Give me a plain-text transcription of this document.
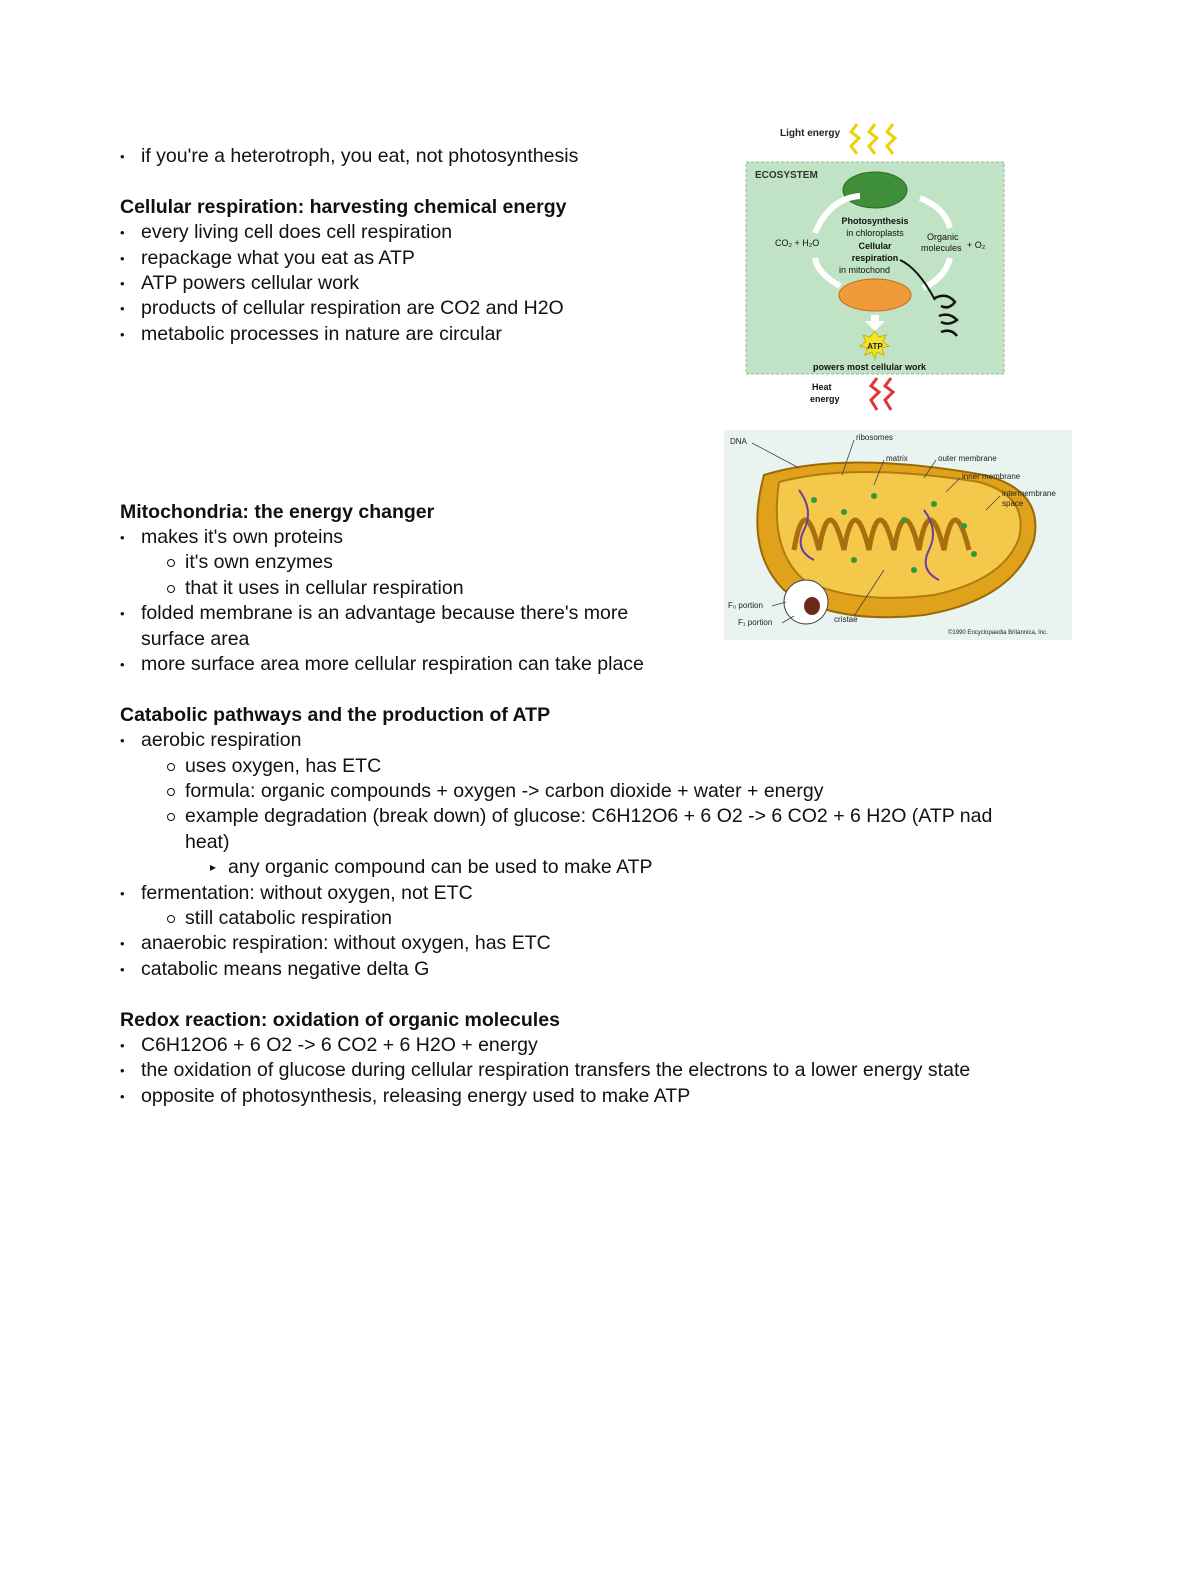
• if you're a heterotroph, you eat, not photosynthesis
Cellular respiration: harvesting chemical energy
• every living cell does cell respiration
• repackage what you eat as ATP
• ATP powers cellular work
• products of cellular respiration are CO2 and H2O
• metabolic processes in nature are circular
Mitochondria: the energy changer
• makes it's own proteins
it's own enzymes
that it uses in cellular respiration
• folded membrane is an advantage because there's more
surface area
• more surface area more cellular respiration can take place
Catabolic pathways and the production of ATP
• aerobic respiration
uses oxygen, has ETC
formula: organic compounds + oxygen -> carbon dioxide + water + energy
example degradation (break down) of glucose: C6H12O6 + 6 O2 -> 6 CO2 + 6 H2O (ATP nad
heat)
▸ any organic compound can be used to make ATP
• fermentation: without oxygen, not ETC
still catabolic respiration
• anaerobic respiration: without oxygen, has ETC
• catabolic means negative delta G
Redox reaction: oxidation of organic molecules
• C6H12O6 + 6 O2 -> 6 CO2 + 6 H2O + energy
• the oxidation of glucose during cellular respiration transfers the electrons to a lower energy state
• opposite of photosynthesis, releasing energy used to make ATP
Light energy
ECOSYSTEM
Photosynthesis
in chloroplasts
Cellular
respiration
in mitochond
CO₂ + H₂O
Organic
molecules + O₂
ATP
powers most cellular work
Heat
energy
DNA	ribosomes
matrix	outer membrane
inner membrane
intermembrane
space
F₀ portion
F₁ portion	cristae
©1990 Encyclopaedia Britannica, Inc.
